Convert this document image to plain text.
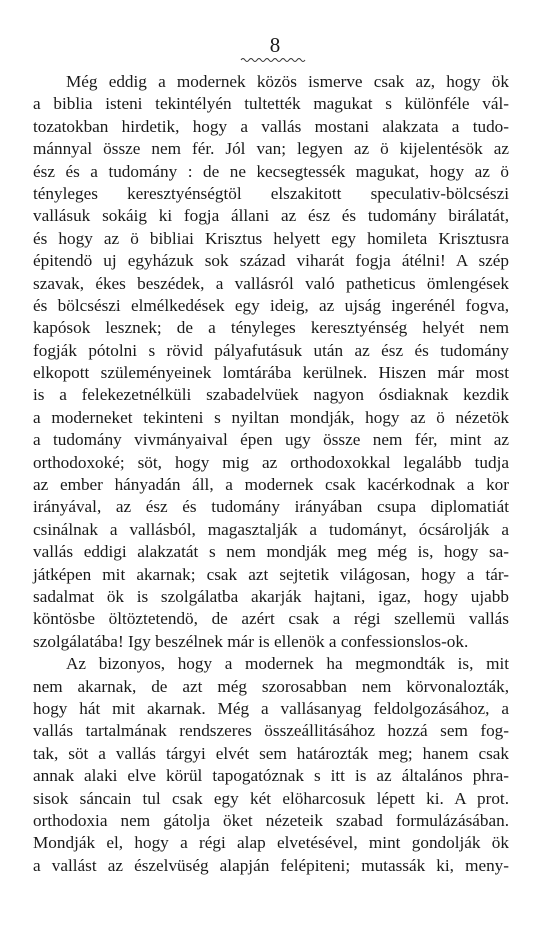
8
Még eddig a modernek közös ismerve csak az, hogy ök
a biblia isteni tekintélyén tultették magukat s különféle vál-
tozatokban hirdetik, hogy a vallás mostani alakzata a tudo-
mánnyal össze nem fér. Jól van; legyen az ö kijelentésök az
ész és a tudomány : de ne kecsegtessék magukat, hogy az ö
tényleges keresztyénségtöl elszakitott speculativ-bölcsészi
vallásuk sokáig ki fogja állani az ész és tudomány birálatát,
és hogy az ö bibliai Krisztus helyett egy homileta Krisztusra
épitendö uj egyházuk sok század viharát fogja átélni! A szép
szavak, ékes beszédek, a vallásról való patheticus ömlengések
és bölcsészi elmélkedések egy ideig, az ujság ingerénél fogva,
kapósok lesznek; de a tényleges keresztyénség helyét nem
fogják pótolni s rövid pályafutásuk után az ész és tudomány
elkopott szüleményeinek lomtárába kerülnek. Hiszen már most
is a felekezetnélküli szabadelvüek nagyon ósdiaknak kezdik
a moderneket tekinteni s nyiltan mondják, hogy az ö nézetök
a tudomány vivmányaival épen ugy össze nem fér, mint az
orthodoxoké; söt, hogy mig az orthodoxokkal legalább tudja
az ember hányadán áll, a modernek csak kacérkodnak a kor
irányával, az ész és tudomány irányában csupa diplomatiát
csinálnak a vallásból, magasztalják a tudományt, ócsárolják a
vallás eddigi alakzatát s nem mondják meg még is, hogy sa-
játképen mit akarnak; csak azt sejtetik világosan, hogy a tár-
sadalmat ök is szolgálatba akarják hajtani, igaz, hogy ujabb
köntösbe öltöztetendö, de azért csak a régi szellemü vallás
szolgálatába! Igy beszélnek már is ellenök a confessionslos-ok.
Az bizonyos, hogy a modernek ha megmondták is, mit
nem akarnak, de azt még szorosabban nem körvonalozták,
hogy hát mit akarnak. Még a vallásanyag feldolgozásához, a
vallás tartalmának rendszeres összeállitásához hozzá sem fog-
tak, söt a vallás tárgyi elvét sem határozták meg; hanem csak
annak alaki elve körül tapogatóznak s itt is az általános phra-
sisok sáncain tul csak egy két elöharcosuk lépett ki. A prot.
orthodoxia nem gátolja öket nézeteik szabad formulázásában.
Mondják el, hogy a régi alap elvetésével, mint gondolják ök
a vallást az észelvüség alapján felépiteni; mutassák ki, meny-
